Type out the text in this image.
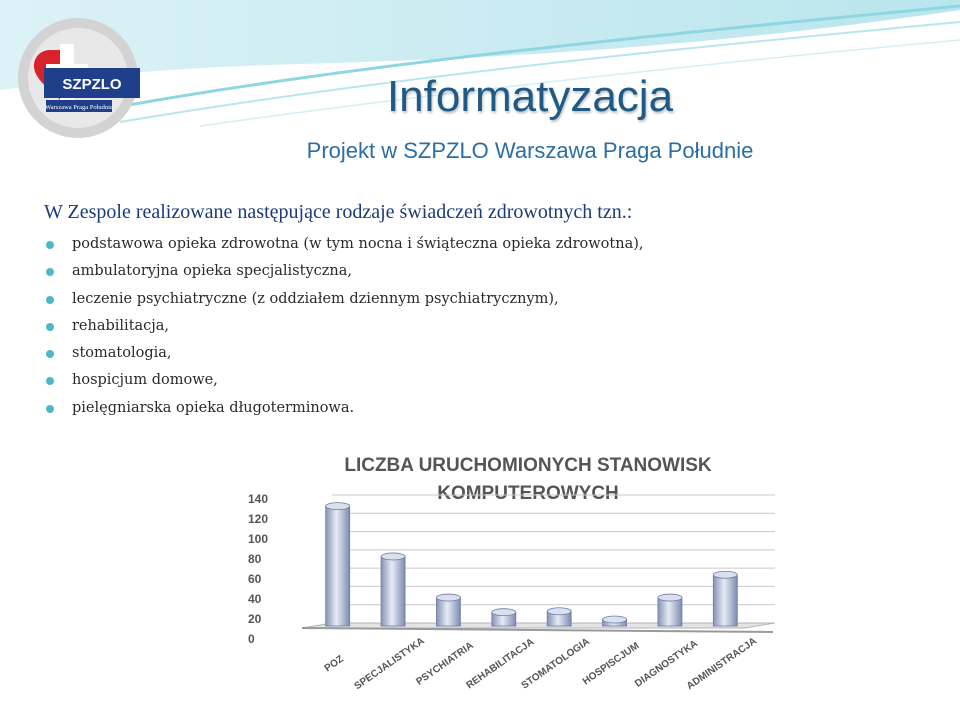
SZPZLO
Warszawa Praga Południe	Informatyzacja
Projekt w SZPZLO Warszawa Praga Południe
W Zespole realizowane następujące rodzaje świadczeń zdrowotnych tzn.:
podstawowa opieka zdrowotna (w tym nocna i świąteczna opieka zdrowotna),
ambulatoryjna opieka specjalistyczna,
leczenie psychiatryczne (z oddziałem dziennym psychiatrycznym),
rehabilitacja,
stomatologia,
hospicjum domowe,
pielęgniarska opieka długoterminowa.
LICZBA URUCHOMIONYCH STANOWISK
KOMPUTEROWYCH
0
20
40
60
80
100
120
140
POZ SPECJALISTYKA
PSYCHIATRIA
REHABILITACJA
STOMATOLOGIA
HOSPISCJUM
DIAGNOSTYKA
ADMINISTRACJA
